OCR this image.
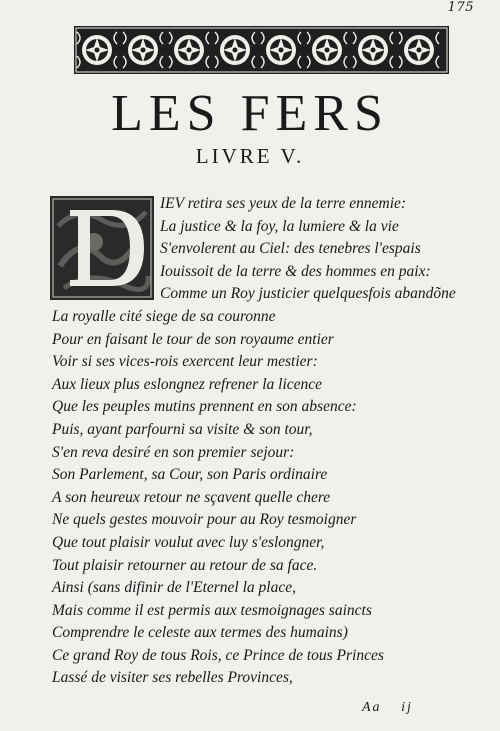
175
LES FERS
LIVRE V.
IEV retira ses yeux de la terre ennemie:
La justice & la foy, la lumiere & la vie
S'envolerent au Ciel: des tenebres l'espais
Iouissoit de la terre & des hommes en paix:
Comme un Roy justicier quelquesfois abandõne
La royalle cité siege de sa couronne
Pour en faisant le tour de son royaume entier
Voir si ses vices-rois exercent leur mestier:
Aux lieux plus eslongnez refrener la licence
Que les peuples mutins prennent en son absence:
Puis, ayant parfourni sa visite & son tour,
S'en reva desiré en son premier sejour:
Son Parlement, sa Cour, son Paris ordinaire
A son heureux retour ne sçavent quelle chere
Ne quels gestes mouvoir pour au Roy tesmoigner
Que tout plaisir voulut avec luy s'eslongner,
Tout plaisir retourner au retour de sa face.
Ainsi (sans difinir de l'Eternel la place,
Mais comme il est permis aux tesmoignages saincts
Comprendre le celeste aux termes des humains)
Ce grand Roy de tous Rois, ce Prince de tous Princes
Lassé de visiter ses rebelles Provinces,
Aa ij
